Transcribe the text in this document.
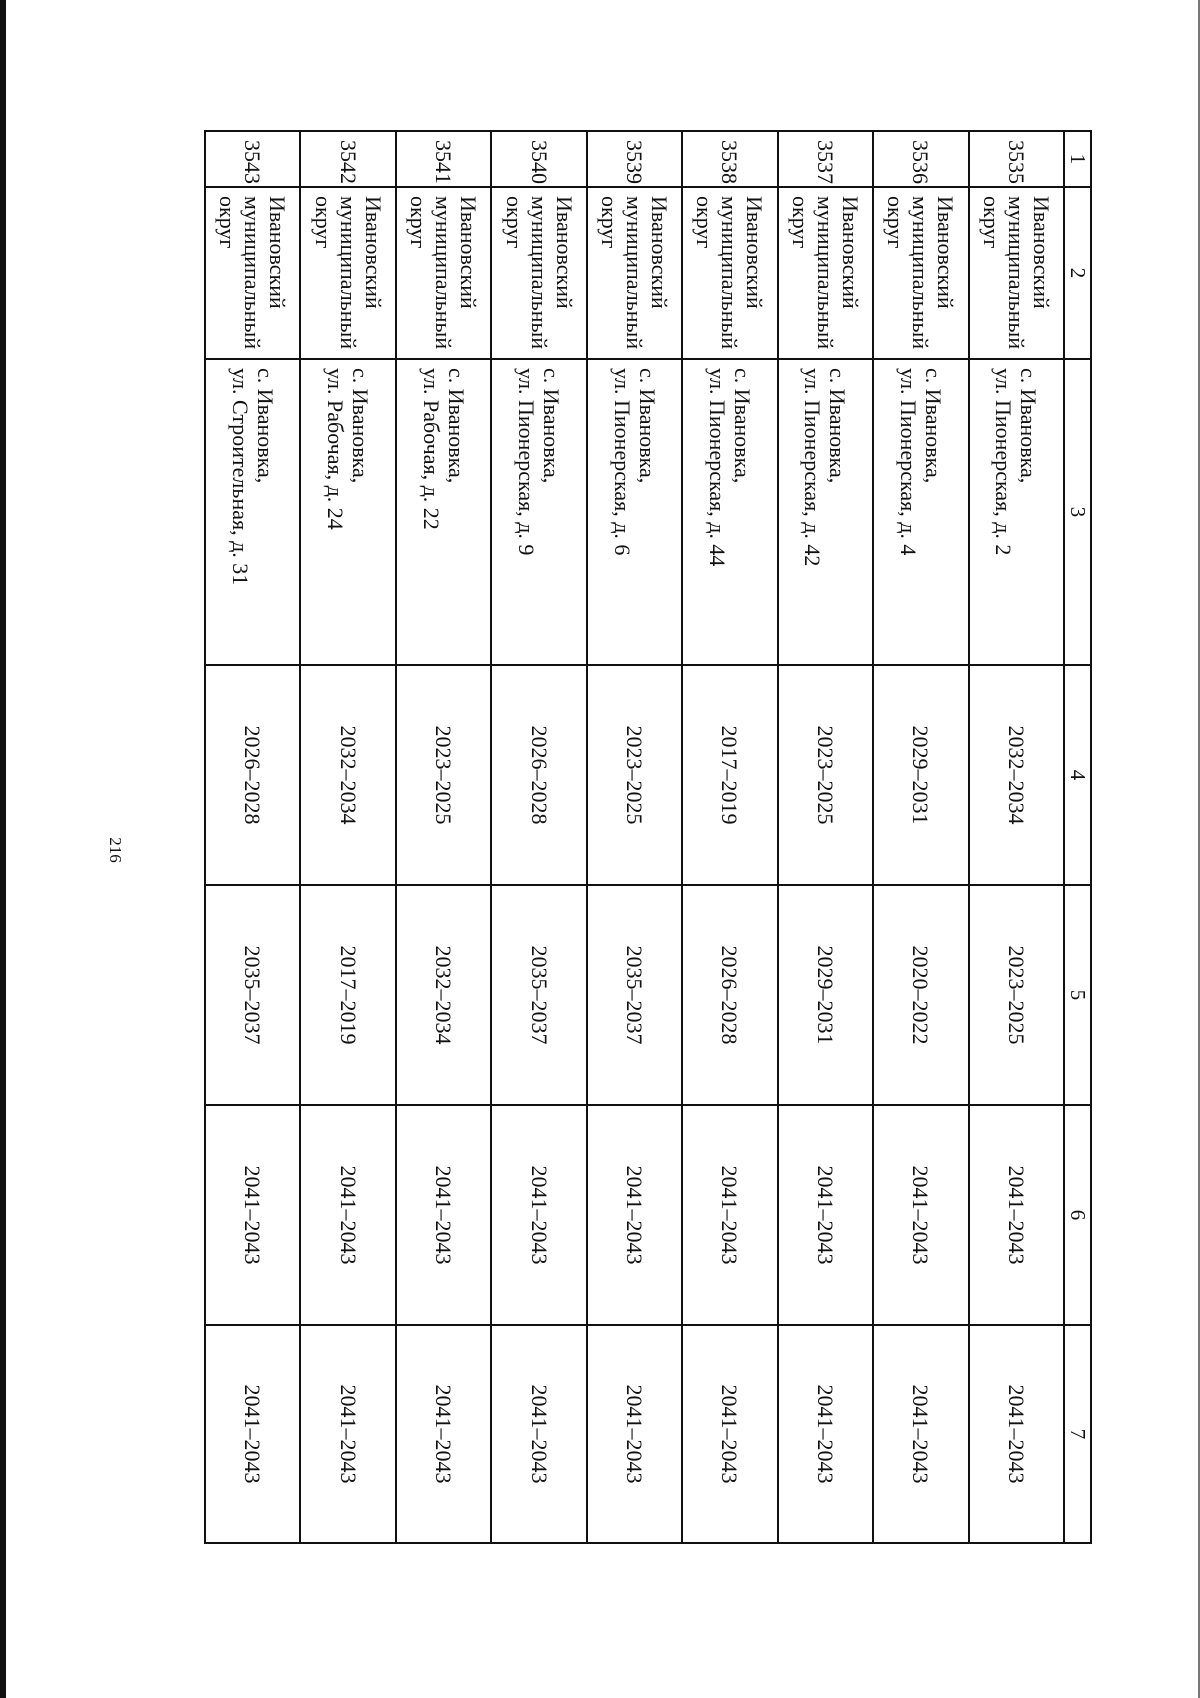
216
1	2	3	4	5	6	7
3535	Ивановский
муниципальный
округ	с. Ивановка,
ул. Пионерская, д. 2	2032–2034	2023–2025	2041–2043	2041–2043
3536	Ивановский
муниципальный
округ	с. Ивановка,
ул. Пионерская, д. 4	2029–2031	2020–2022	2041–2043	2041–2043
3537	Ивановский
муниципальный
округ	с. Ивановка,
ул. Пионерская, д. 42	2023–2025	2029–2031	2041–2043	2041–2043
3538	Ивановский
муниципальный
округ	с. Ивановка,
ул. Пионерская, д. 44	2017–2019	2026–2028	2041–2043	2041–2043
3539	Ивановский
муниципальный
округ	с. Ивановка,
ул. Пионерская, д. 6	2023–2025	2035–2037	2041–2043	2041–2043
3540	Ивановский
муниципальный
округ	с. Ивановка,
ул. Пионерская, д. 9	2026–2028	2035–2037	2041–2043	2041–2043
3541	Ивановский
муниципальный
округ	с. Ивановка,
ул. Рабочая, д. 22	2023–2025	2032–2034	2041–2043	2041–2043
3542	Ивановский
муниципальный
округ	с. Ивановка,
ул. Рабочая, д. 24	2032–2034	2017–2019	2041–2043	2041–2043
3543	Ивановский
муниципальный
округ	с. Ивановка,
ул. Строительная, д. 31	2026–2028	2035–2037	2041–2043	2041–2043
